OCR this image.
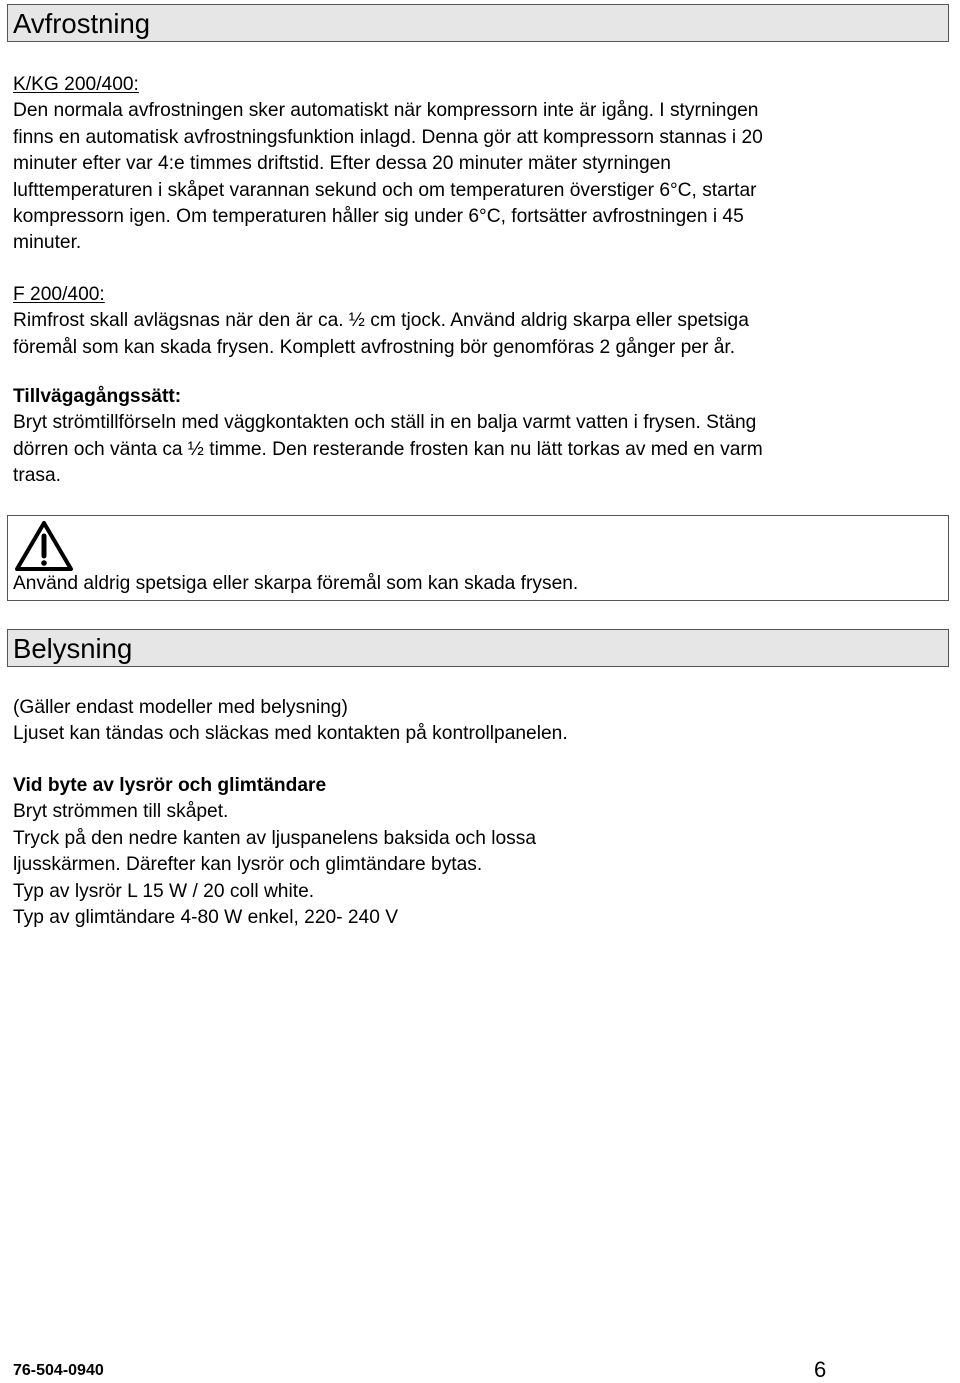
Avfrostning
K/KG 200/400:
Den normala avfrostningen sker automatiskt när kompressorn inte är igång. I styrningen
finns en automatisk avfrostningsfunktion inlagd. Denna gör att kompressorn stannas i 20
minuter efter var 4:e timmes driftstid. Efter dessa 20 minuter mäter styrningen
lufttemperaturen i skåpet varannan sekund och om temperaturen överstiger 6°C, startar
kompressorn igen. Om temperaturen håller sig under 6°C, fortsätter avfrostningen i 45
minuter.
F 200/400:
Rimfrost skall avlägsnas när den är ca. ½ cm tjock. Använd aldrig skarpa eller spetsiga
föremål som kan skada frysen. Komplett avfrostning bör genomföras 2 gånger per år.
Tillvägagångssätt:
Bryt strömtillförseln med väggkontakten och ställ in en balja varmt vatten i frysen. Stäng
dörren och vänta ca ½ timme. Den resterande frosten kan nu lätt torkas av med en varm
trasa.
Använd aldrig spetsiga eller skarpa föremål som kan skada frysen.
Belysning
(Gäller endast modeller med belysning)
Ljuset kan tändas och släckas med kontakten på kontrollpanelen.
Vid byte av lysrör och glimtändare
Bryt strömmen till skåpet.
Tryck på den nedre kanten av ljuspanelens baksida och lossa
ljusskärmen. Därefter kan lysrör och glimtändare bytas.
Typ av lysrör L 15 W / 20 coll white.
Typ av glimtändare 4-80 W enkel, 220- 240 V
76-504-0940	6
